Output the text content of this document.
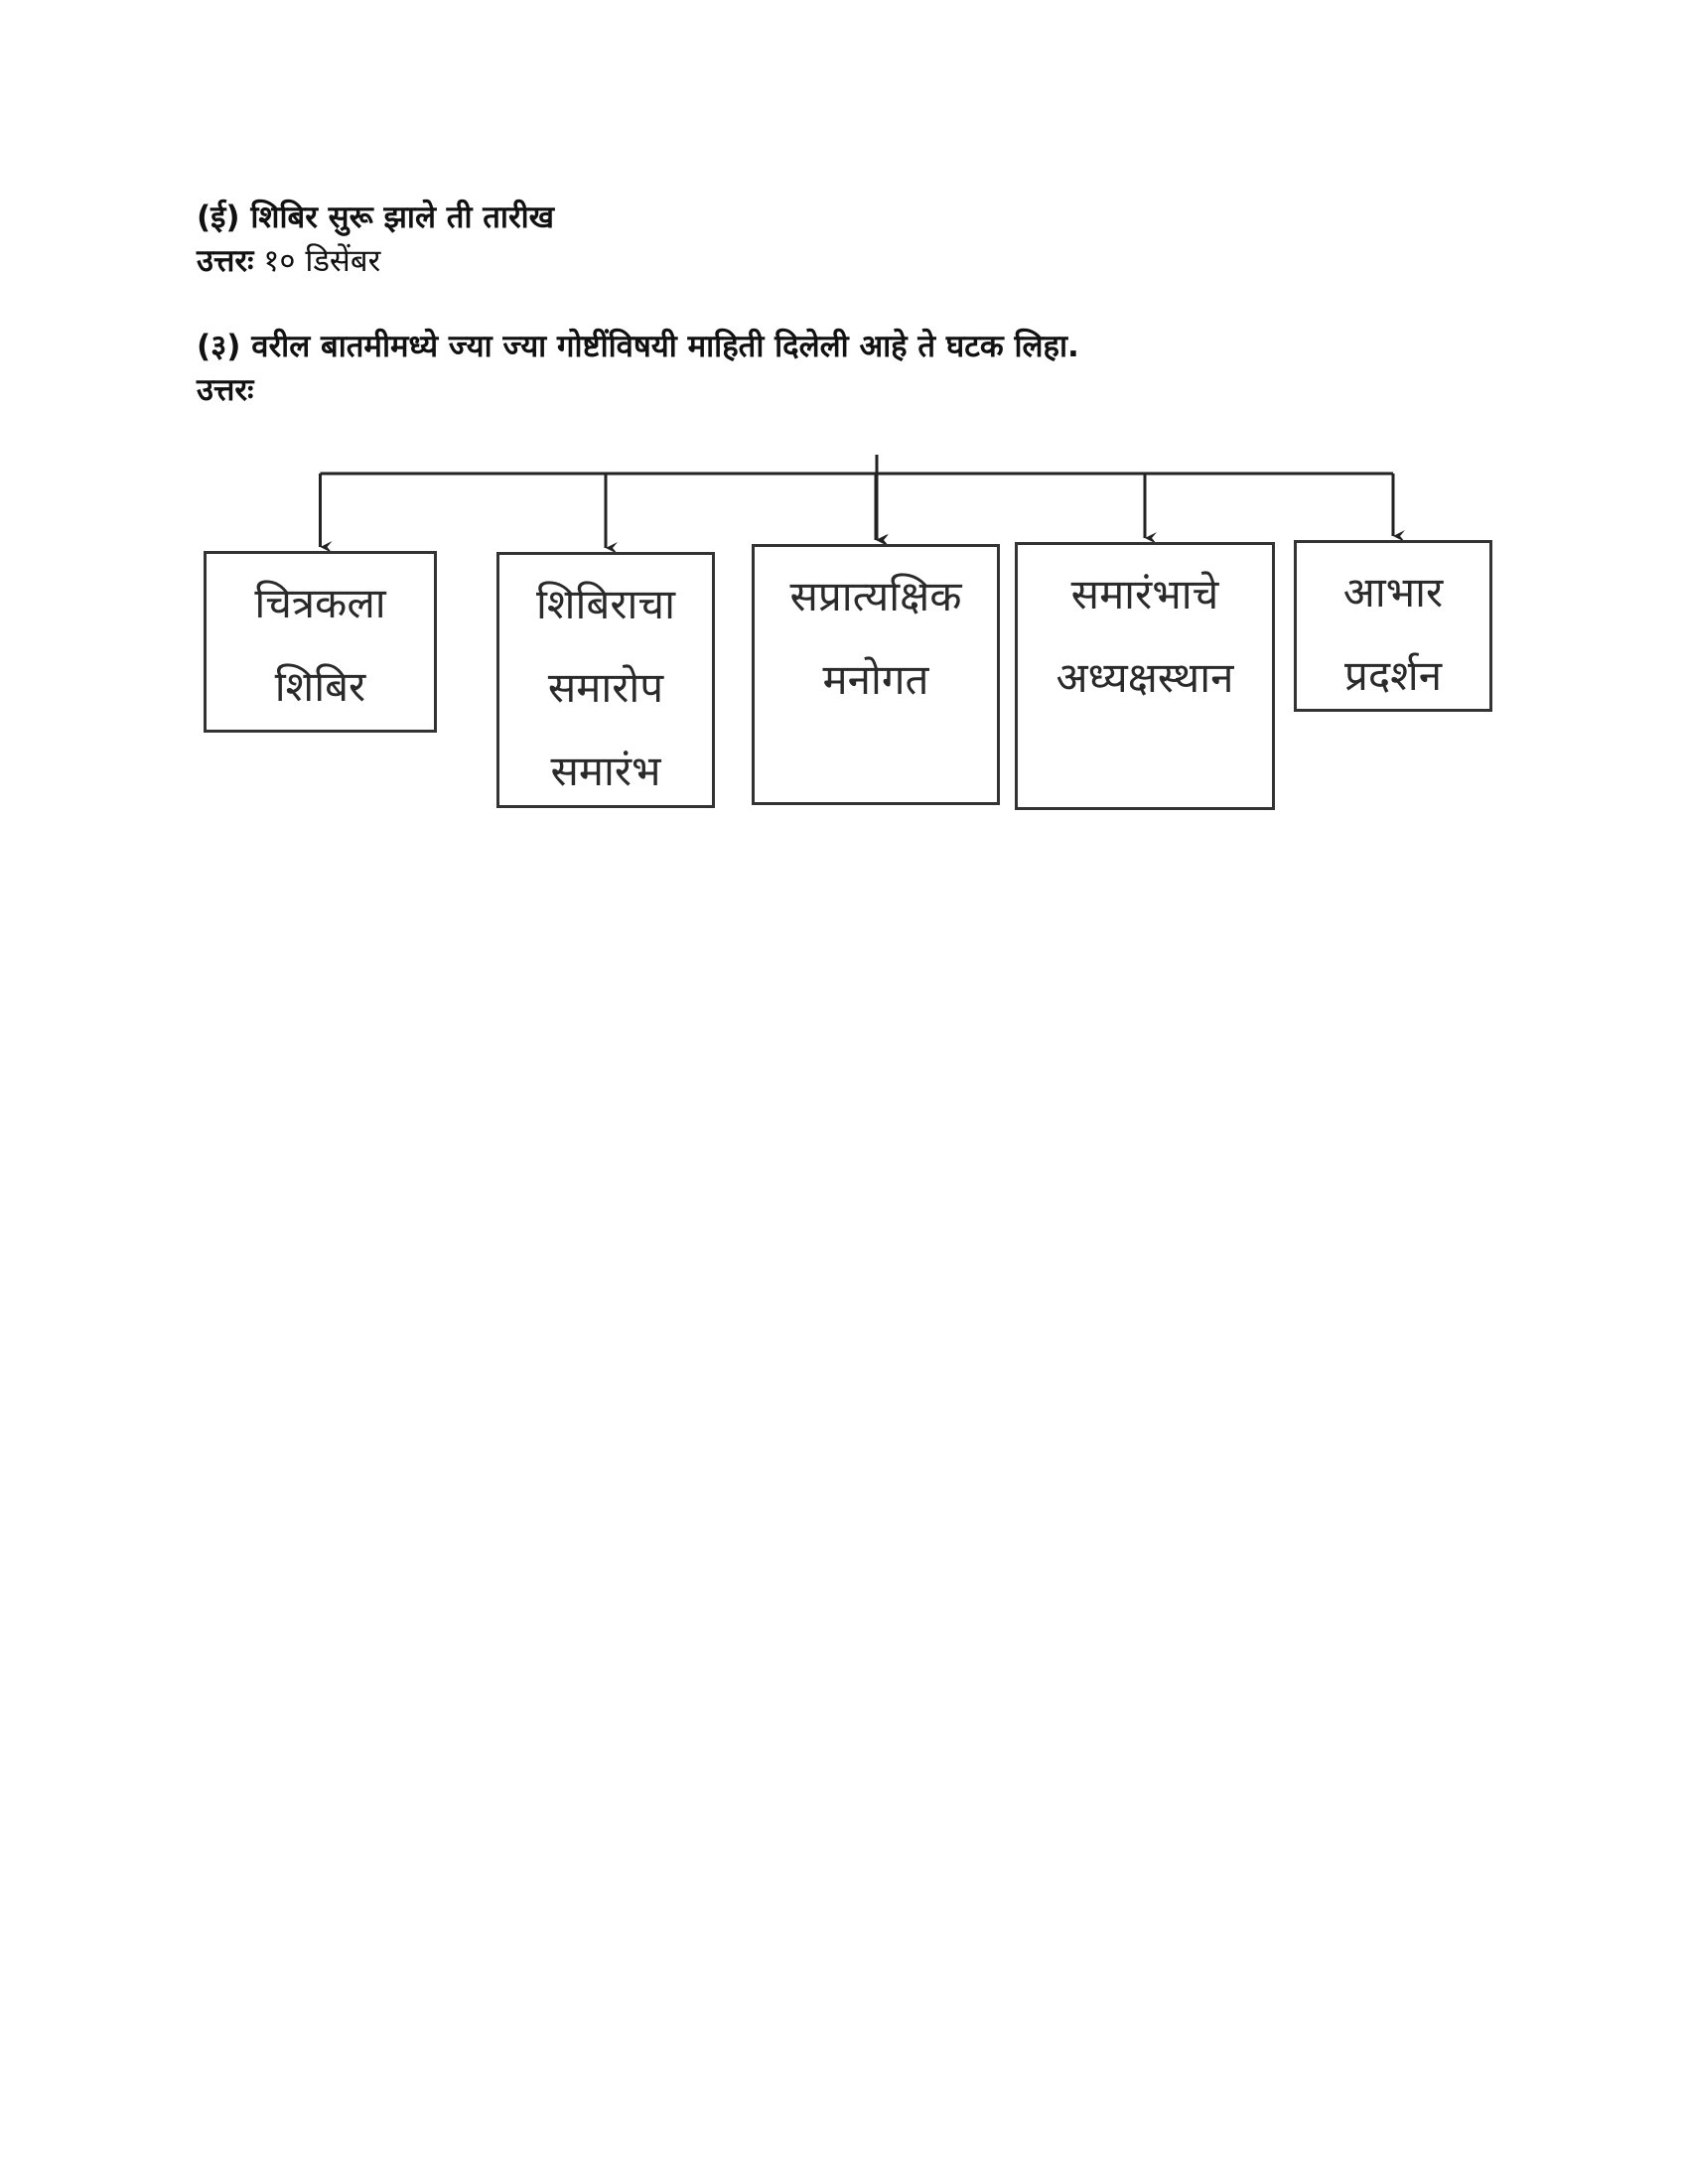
(ई) शिबिर सुरू झाले ती तारीख
उत्तरः १० डिसेंबर
(३) वरील बातमीमध्ये ज्या ज्या गोष्टींविषयी माहिती दिलेली आहे ते घटक लिहा.
उत्तरः
चित्रकला
शिबिर
शिबिराचा
समारोप
समारंभ
सप्रात्यक्षिक
मनोगत
समारंभाचे
अध्यक्षस्थान
आभार
प्रदर्शन
